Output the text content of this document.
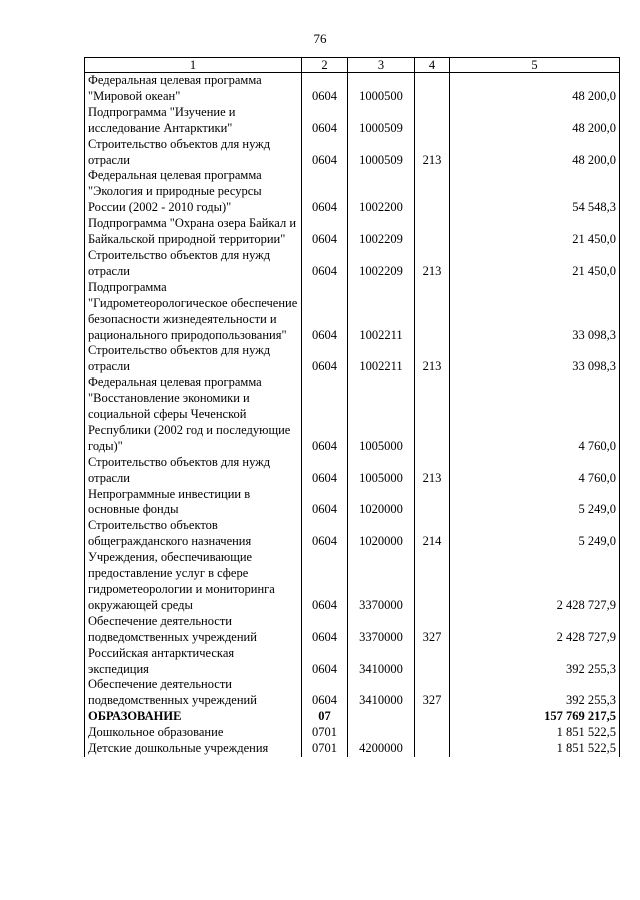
76
1	2	3	4	5
Федеральная целевая программа "Мировой океан"	0604	1000500		48 200,0
Подпрограмма "Изучение и исследование Антарктики"	0604	1000509		48 200,0
Строительство объектов для нужд отрасли	0604	1000509	213	48 200,0
Федеральная целевая программа "Экология и природные ресурсы России (2002 - 2010 годы)"	0604	1002200		54 548,3
Подпрограмма "Охрана озера Байкал и Байкальской природной территории"	0604	1002209		21 450,0
Строительство объектов для нужд отрасли	0604	1002209	213	21 450,0
Подпрограмма "Гидрометеорологическое обеспечение безопасности жизнедеятельности и рационального природопользования"	0604	1002211		33 098,3
Строительство объектов для нужд отрасли	0604	1002211	213	33 098,3
Федеральная целевая программа "Восстановление экономики и социальной сферы Чеченской Республики (2002 год и последующие годы)"	0604	1005000		4 760,0
Строительство объектов для нужд отрасли	0604	1005000	213	4 760,0
Непрограммные инвестиции в основные фонды	0604	1020000		5 249,0
Строительство объектов общегражданского назначения	0604	1020000	214	5 249,0
Учреждения, обеспечивающие предоставление услуг в сфере гидрометеорологии и мониторинга окружающей среды	0604	3370000		2 428 727,9
Обеспечение деятельности подведомственных учреждений	0604	3370000	327	2 428 727,9
Российская антарктическая экспедиция	0604	3410000		392 255,3
Обеспечение деятельности подведомственных учреждений	0604	3410000	327	392 255,3
ОБРАЗОВАНИЕ	07			157 769 217,5
Дошкольное образование	0701			1 851 522,5
Детские дошкольные учреждения	0701	4200000		1 851 522,5
